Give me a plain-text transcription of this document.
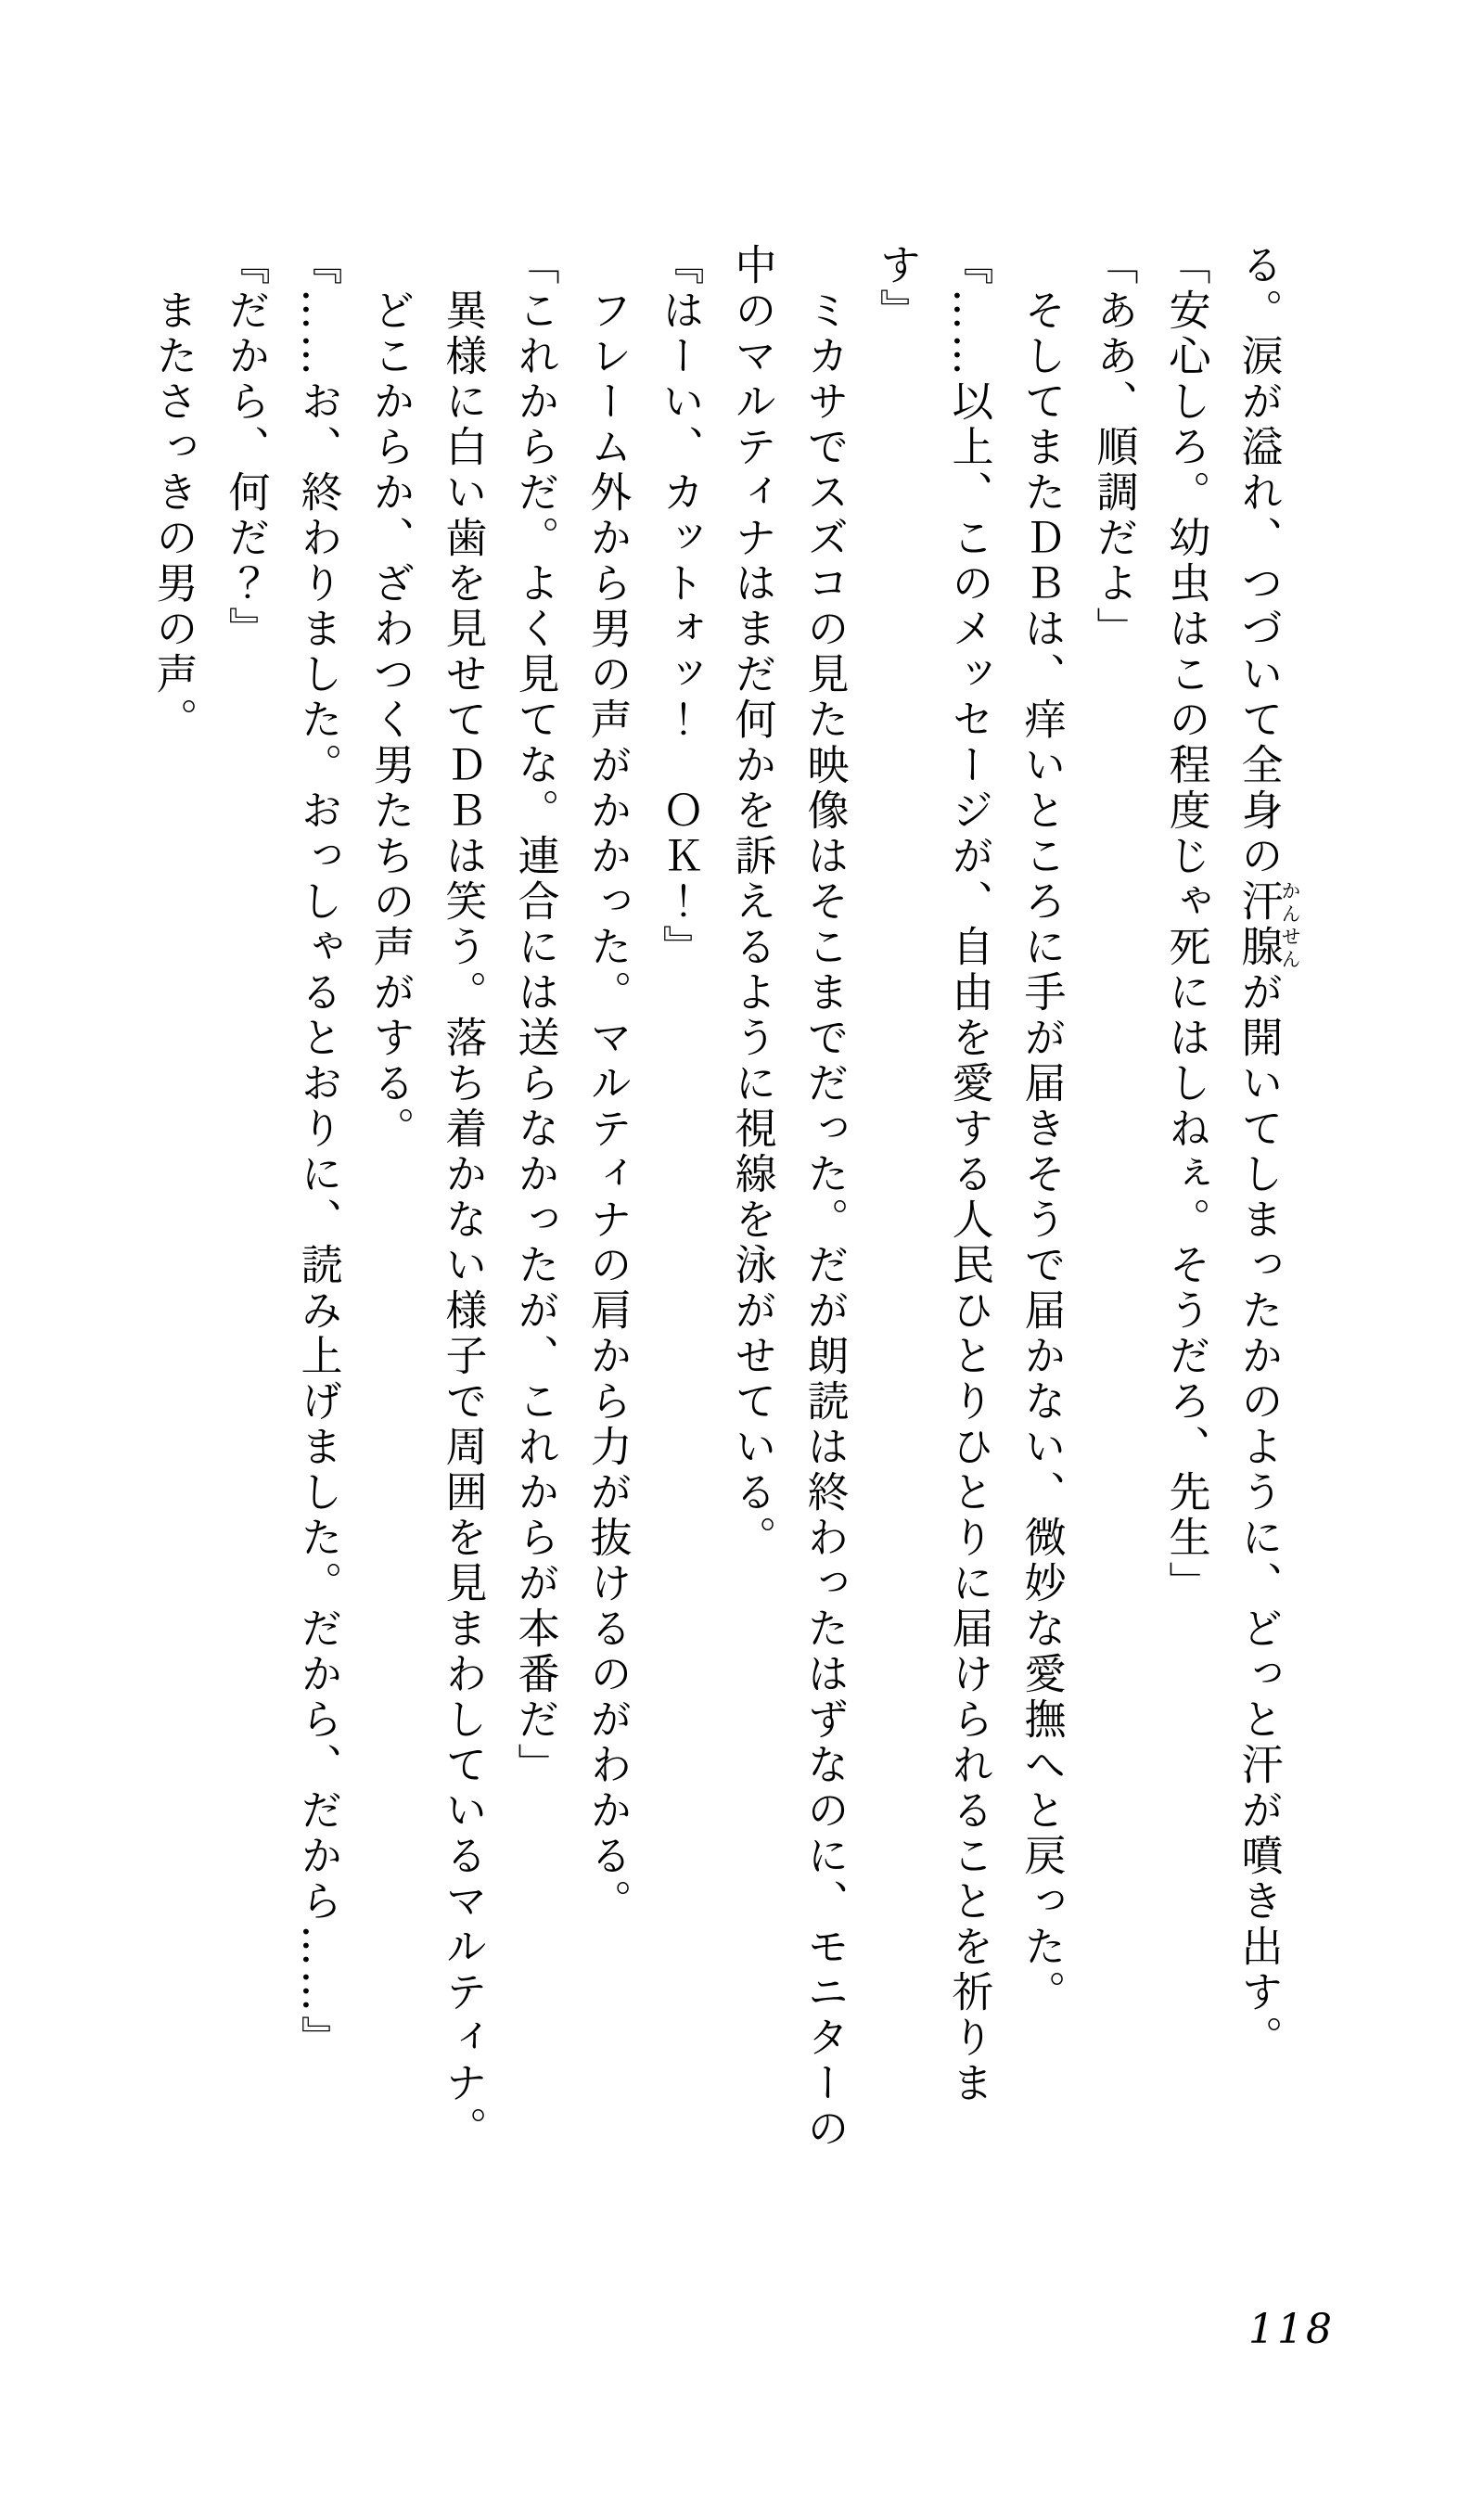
る。涙が溢れ、つづいて全身の汗腺かんせんが開いてしまったかのように、どっと汗が噴き出す。
「安心しろ。幼虫はこの程度じゃ死にはしねぇ。そうだろ、先生」
「ああ、順調だよ」
そしてまたＤＢは、痒いところに手が届きそうで届かない、微妙な愛撫へと戻った。
『……以上、このメッセージが、自由を愛する人民ひとりひとりに届けられることを祈りま
す』
ミカサでスズコの見た映像はそこまでだった。だが朗読は終わったはずなのに、モニターの
中のマルティナはまだ何かを訴えるように視線を泳がせている。
『はーい、カットォッ！　ＯＫ！』
フレーム外から男の声がかかった。マルティナの肩から力が抜けるのがわかる。
「これからだ。よく見てな。連合には送らなかったが、これからが本番だ」
異様に白い歯を見せてＤＢは笑う。落ち着かない様子で周囲を見まわしているマルティナ。
どこからか、ざわつく男たちの声がする。
『……お、終わりました。おっしゃるとおりに、読み上げました。だから、だから……』
『だから、何だ？』
またさっきの男の声。
118
